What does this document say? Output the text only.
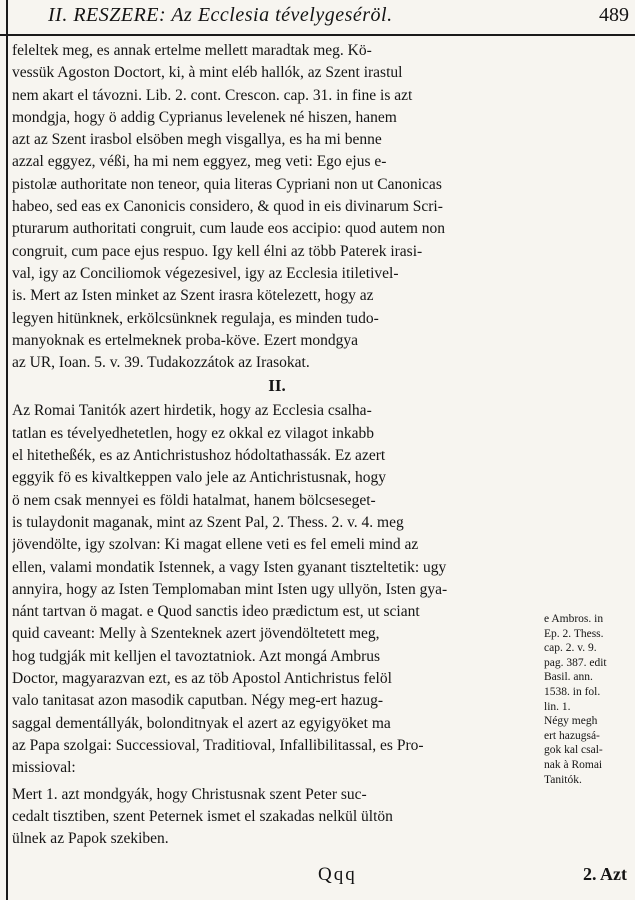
II. RESZERE: Az Ecclesia tévelygeséröl.	489
feleltek meg, es annak ertelme mellett maradtak meg. Kö-
vessük Agoston Doctort, ki, à mint eléb hallók, az Szent irastul
nem akart el távozni. Lib. 2. cont. Crescon. cap. 31. in fine is azt
mondgja, hogy ö addig Cyprianus levelenek né hiszen, hanem
azt az Szent irasbol elsöben megh visgallya, es ha mi benne
azzal eggyez, véßi, ha mi nem eggyez, meg veti: Ego ejus e-
pistolæ authoritate non teneor, quia literas Cypriani non ut Canonicas
habeo, sed eas ex Canonicis considero, & quod in eis divinarum Scri-
pturarum authoritati congruit, cum laude eos accipio: quod autem non
congruit, cum pace ejus respuo. Igy kell élni az több Paterek irasi-
val, igy az Conciliomok végezesivel, igy az Ecclesia itiletivel-
is. Mert az Isten minket az Szent irasra kötelezett, hogy az
legyen hitünknek, erkölcsünknek regulaja, es minden tudo-
manyoknak es ertelmeknek proba-köve. Ezert mondgya
az UR, Ioan. 5. v. 39. Tudakozzátok az Irasokat.
II.
Az Romai Tanitók azert hirdetik, hogy az Ecclesia csalha-
tatlan es tévelyedhetetlen, hogy ez okkal ez vilagot inkabb
el hitetheßék, es az Antichristushoz hódoltathassák. Ez azert
eggyik fö es kivaltkeppen valo jele az Antichristusnak, hogy
ö nem csak mennyei es földi hatalmat, hanem bölcseseget-
is tulaydonit maganak, mint az Szent Pal, 2. Thess. 2. v. 4. meg
jövendölte, igy szolvan: Ki magat ellene veti es fel emeli mind az
ellen, valami mondatik Istennek, a vagy Isten gyanant tiszteltetik: ugy
annyira, hogy az Isten Templomaban mint Isten ugy ullyön, Isten gya-
nánt tartvan ö magat. e Quod sanctis ideo prædictum est, ut sciant
quid caveant: Melly à Szenteknek azert jövendöltetett meg,
hog tudgják mit kelljen el tavoztatniok. Azt mongá Ambrus
Doctor, magyarazvan ezt, es az töb Apostol Antichristus felöl
valo tanitasat azon masodik caputban. Négy meg-ert hazug-
saggal dementállyák, bolonditnyak el azert az egyigyöket ma
az Papa szolgai: Successioval, Traditioval, Infallibilitassal, es Pro-
missioval:
Mert 1. azt mondgyák, hogy Christusnak szent Peter suc-
cedalt tisztiben, szent Peternek ismet el szakadas nelkül ültön
ülnek az Papok szekiben.
e Ambros. in
Ep. 2. Thess.
cap. 2. v. 9.
pag. 387. edit
Basil. ann.
1538. in fol.
lin. 1.
Négy megh
ert hazugsá-
gok kal csal-
nak à Romai
Tanitók.
Qqq	2. Azt
